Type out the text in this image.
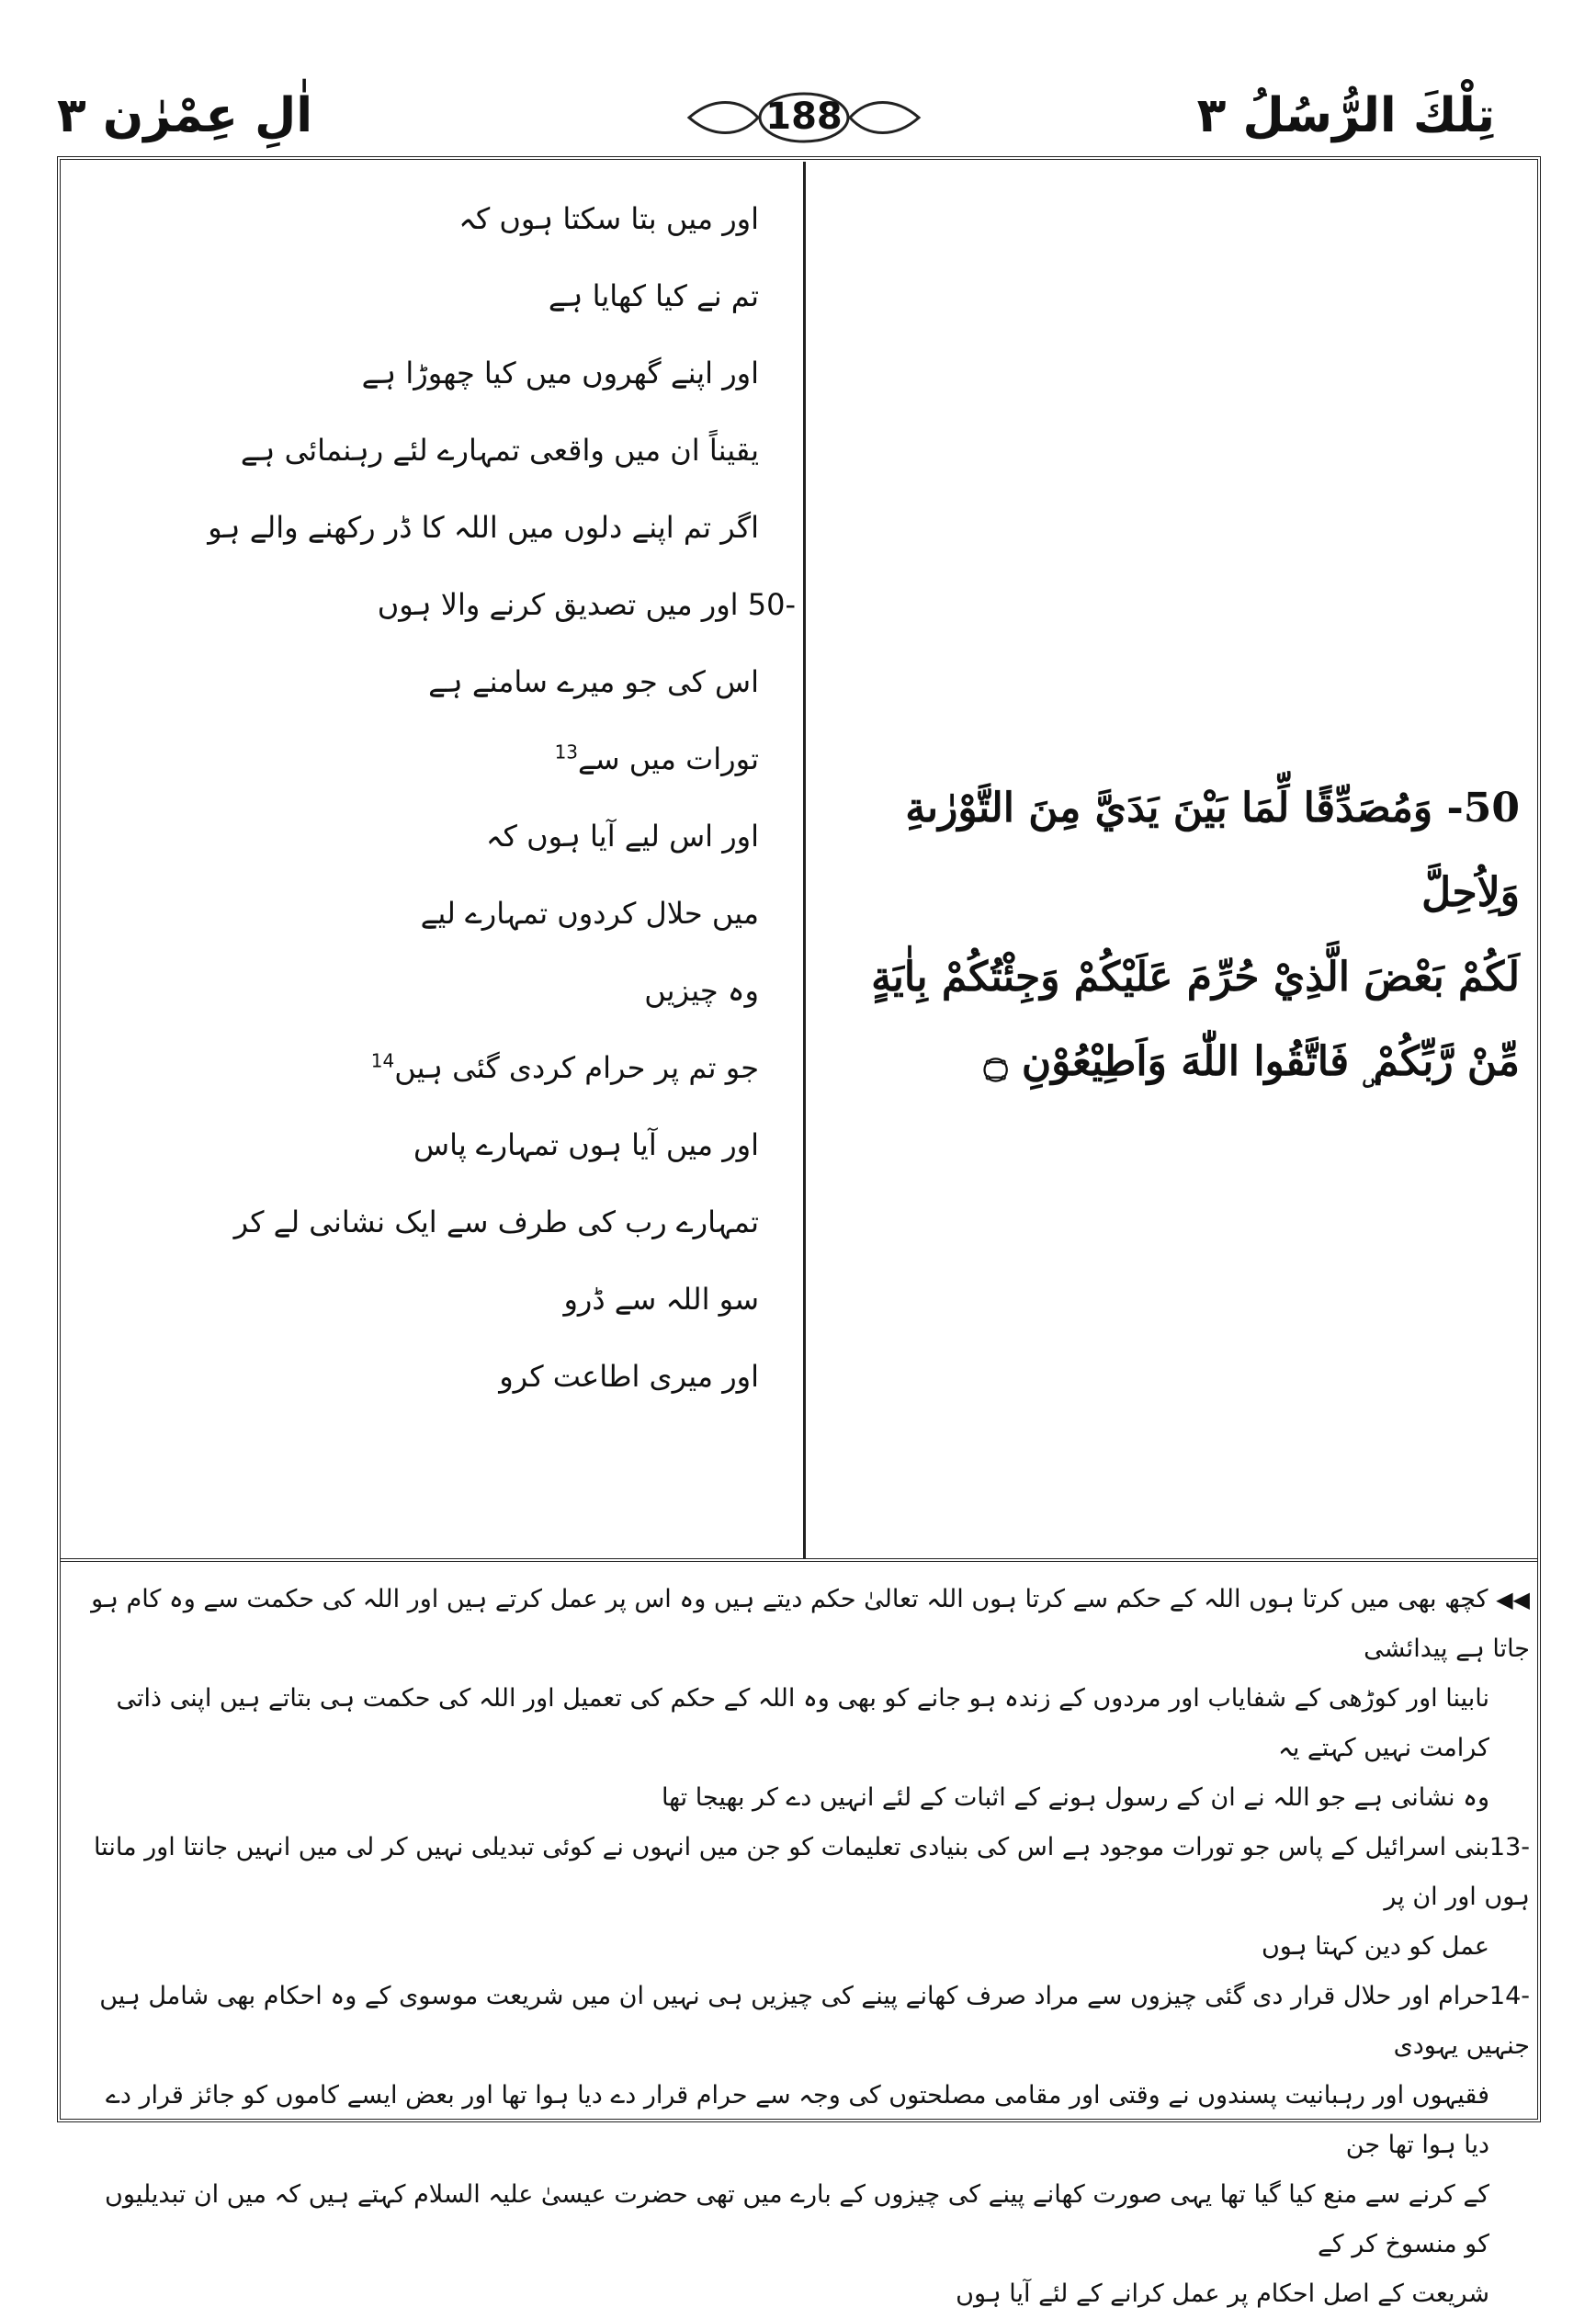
تِلْكَ الرُّسُلُ ۳
188
اٰلِ عِمْرٰن ۳
اور میں بتا سکتا ہوں کہ
تم نے کیا کھایا ہے
اور اپنے گھروں میں کیا چھوڑا ہے
یقیناً ان میں واقعی تمہارے لئے رہنمائی ہے
اگر تم اپنے دلوں میں اللہ کا ڈر رکھنے والے ہو
-50 اور میں تصدیق کرنے والا ہوں
اس کی جو میرے سامنے ہے
تورات میں سے$^{13}$
اور اس لیے آیا ہوں کہ
میں حلال کردوں تمہارے لیے
وہ چیزیں
جو تم پر حرام کردی گئی ہیں$^{14}$
اور میں آیا ہوں تمہارے پاس
تمہارے رب کی طرف سے ایک نشانی لے کر
سو اللہ سے ڈرو
اور میری اطاعت کرو
50- وَمُصَدِّقًا لِّمَا بَيْنَ يَدَيَّ مِنَ التَّوْرٰىةِ وَلِاُحِلَّ
لَكُمْ بَعْضَ الَّذِيْ حُرِّمَ عَلَيْكُمْ وَجِئْتُكُمْ بِاٰيَةٍ
مِّنْ رَّبِّكُمْ ۣ فَاتَّقُوا اللّٰهَ وَاَطِيْعُوْنِ ۝

◀◀ کچھ بھی میں کرتا ہوں اللہ کے حکم سے کرتا ہوں اللہ تعالیٰ حکم دیتے ہیں وہ اس پر عمل کرتے ہیں اور اللہ کی حکمت سے وہ کام ہو جاتا ہے پیدائشی

نابینا اور کوڑھی کے شفایاب اور مردوں کے زندہ ہو جانے کو بھی وہ اللہ کے حکم کی تعمیل اور اللہ کی حکمت ہی بتاتے ہیں اپنی ذاتی کرامت نہیں کہتے یہ

وہ نشانی ہے جو اللہ نے ان کے رسول ہونے کے اثبات کے لئے انہیں دے کر بھیجا تھا

-13بنی اسرائیل کے پاس جو تورات موجود ہے اس کی بنیادی تعلیمات کو جن میں انہوں نے کوئی تبدیلی نہیں کر لی میں انہیں جانتا اور مانتا ہوں اور ان پر

عمل کو دین کہتا ہوں

-14حرام اور حلال قرار دی گئی چیزوں سے مراد صرف کھانے پینے کی چیزیں ہی نہیں ان میں شریعت موسوی کے وہ احکام بھی شامل ہیں جنہیں یہودی

فقیہوں اور رہبانیت پسندوں نے وقتی اور مقامی مصلحتوں کی وجہ سے حرام قرار دے دیا ہوا تھا اور بعض ایسے کاموں کو جائز قرار دے دیا ہوا تھا جن

کے کرنے سے منع کیا گیا تھا یہی صورت کھانے پینے کی چیزوں کے بارے میں تھی حضرت عیسیٰ علیہ السلام کہتے ہیں کہ میں ان تبدیلیوں کو منسوخ کر کے

شریعت کے اصل احکام پر عمل کرانے کے لئے آیا ہوں
